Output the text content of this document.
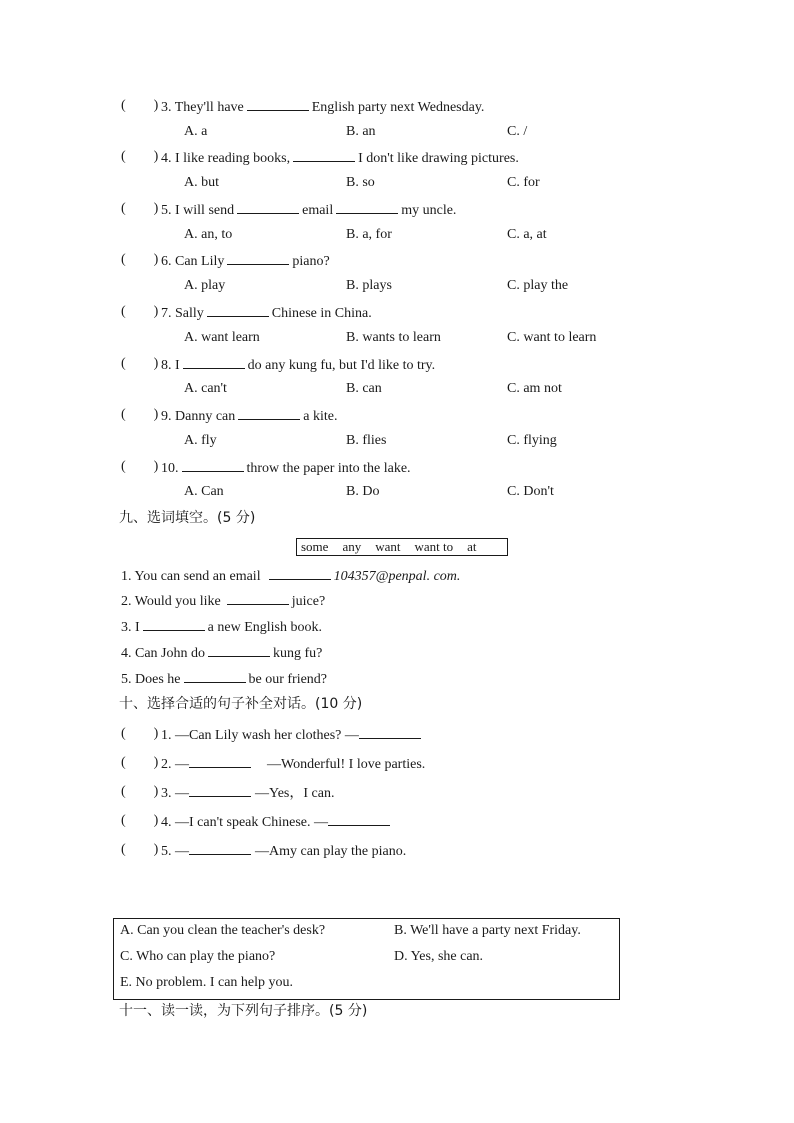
(　　) 3. They'll have	English party next Wednesday.
A. a	B. an	C. /
(　　) 4. I like reading books,	I don't like drawing pictures.
A. but	B. so	C. for
(　　) 5. I will send	email	my uncle.
A. an, to	B. a, for	C. a, at
(　　) 6. Can Lily	piano?
A. play	B. plays	C. play the
(　　) 7. Sally	Chinese in China.
A. want learn	B. wants to learn	C. want to learn
(　　) 8. I	do any kung fu, but I'd like to try.
A. can't	B. can	C. am not
(　　) 9. Danny can	a kite.
A. fly	B. flies	C. flying
(　　) 10.	throw the paper into the lake.
A. Can	B. Do	C. Don't
九、选词填空。(5 分)
some any want want to at
1. You can send an email	104357@penpal. com.
2. Would you like	juice?
3. I	a new English book.
4. Can John do	kung fu?
5. Does he	be our friend?
十、选择合适的句子补全对话。(10 分)
(　　) 1. —Can Lily wash her clothes? —
(　　) 2. —	—Wonderful! I love parties.
(　　) 3. —	—Yes，I can.
(　　) 4. —I can't speak Chinese. —
(　　) 5. —	—Amy can play the piano.
A. Can you clean the teacher's desk?	B. We'll have a party next Friday.
C. Who can play the piano?	D. Yes, she can.
E. No problem. I can help you.
十一、读一读，为下列句子排序。(5 分)
